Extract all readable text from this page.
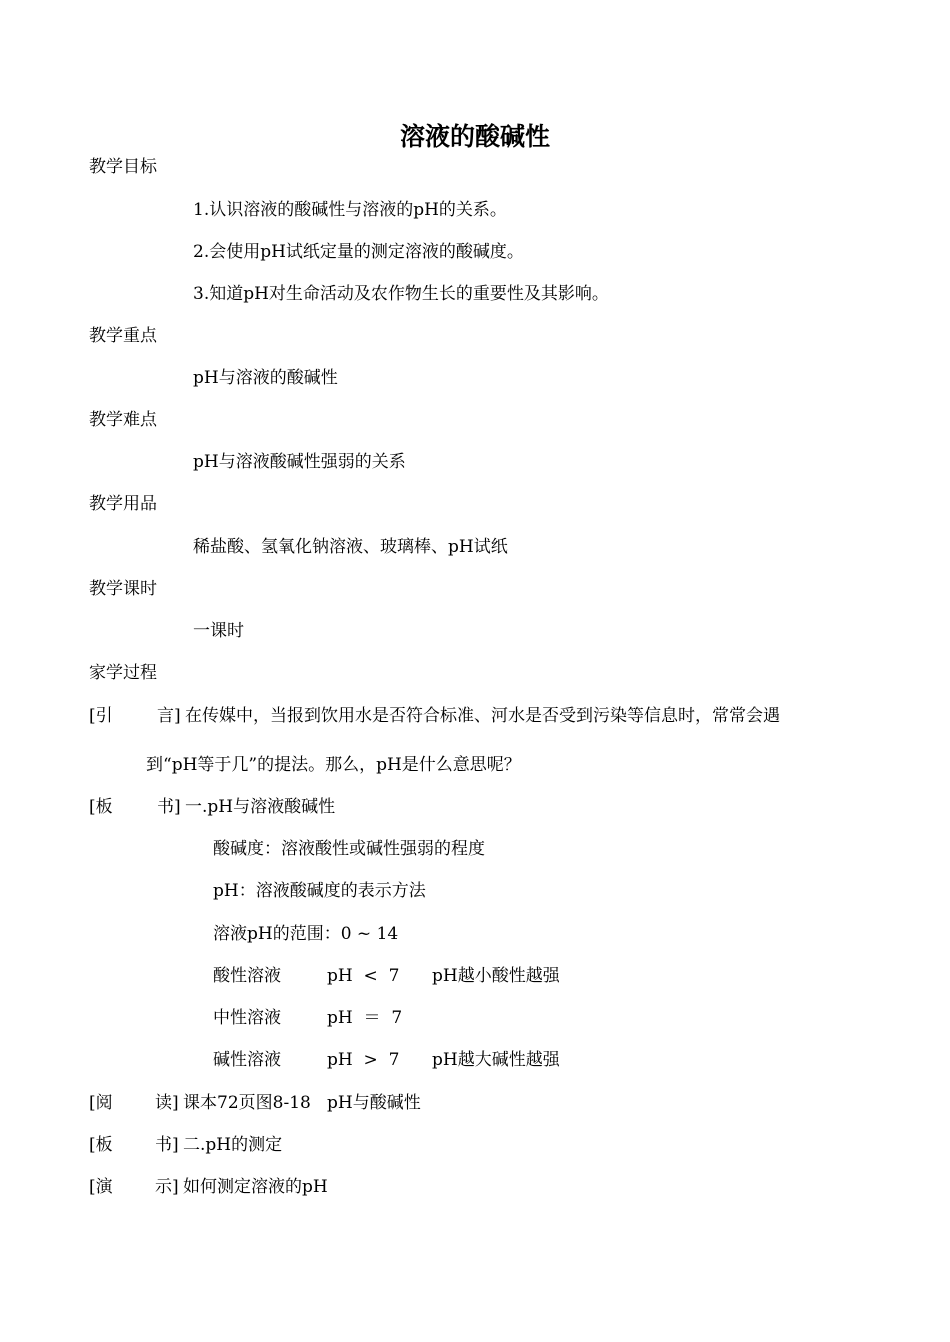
溶液的酸碱性
教学目标
1.认识溶液的酸碱性与溶液的pH的关系。
2.会使用pH试纸定量的测定溶液的酸碱度。
3.知道pH对生命活动及农作物生长的重要性及其影响。
教学重点
pH与溶液的酸碱性
教学难点
pH与溶液酸碱性强弱的关系
教学用品
稀盐酸、氢氧化钠溶液、玻璃棒、pH试纸
教学课时
一课时
家学过程
[引	言] 在传媒中，当报到饮用水是否符合标准、河水是否受到污染等信息时，常常会遇
到“pH等于几”的提法。那么，pH是什么意思呢？
[板	书] 一.pH与溶液酸碱性
酸碱度：溶液酸性或碱性强弱的程度
pH：溶液酸碱度的表示方法
溶液pH的范围：0 ~ 14
酸性溶液	pH  <  7 pH越小酸性越强
中性溶液	pH  ＝  7
碱性溶液	pH  >  7 pH越大碱性越强
[阅 读] 课本72页图8-18   pH与酸碱性
[板 书] 二.pH的测定
[演 示] 如何测定溶液的pH
